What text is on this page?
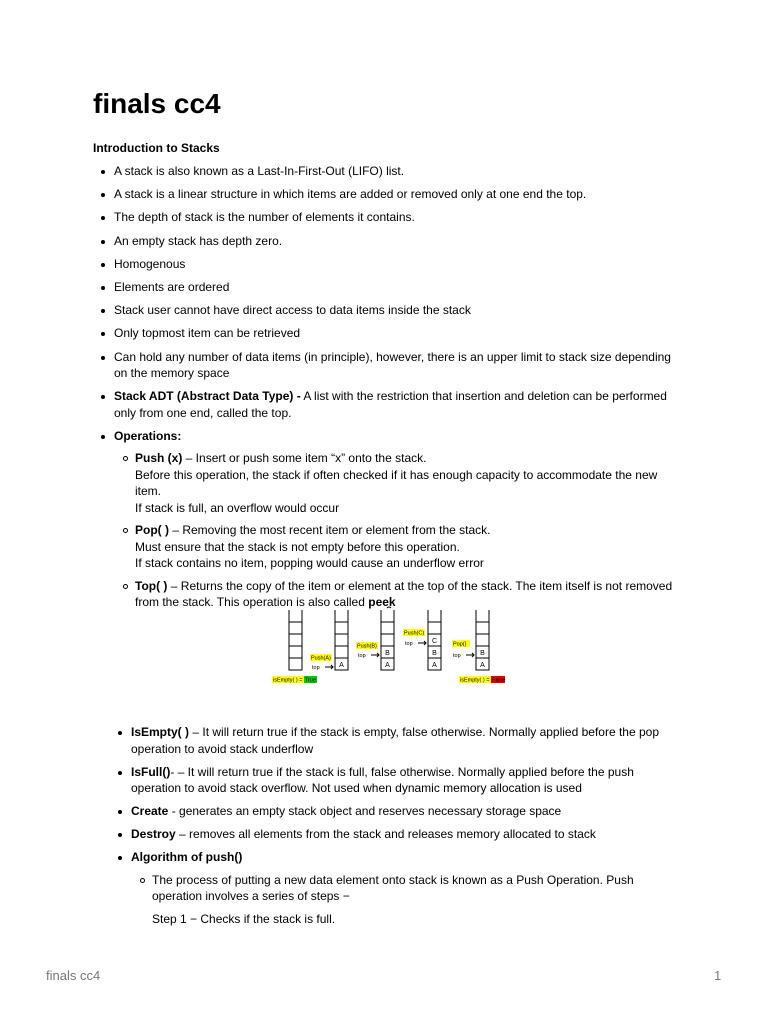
finals cc4

Introduction to Stacks

A stack is also known as a Last-In-First-Out (LIFO) list.
A stack is a linear structure in which items are added or removed only at one end the top.
The depth of stack is the number of elements it contains.
An empty stack has depth zero.
Homogenous
Elements are ordered
Stack user cannot have direct access to data items inside the stack
Only topmost item can be retrieved
Can hold any number of data items (in principle), however, there is an upper limit to stack size depending on the memory space
Stack ADT (Abstract Data Type) - A list with the restriction that insertion and deletion can be performed only from one end, called the top.
Operations:
Push (x) – Insert or push some item “x” onto the stack.
Before this operation, the stack if often checked if it has enough capacity to accommodate the new item.
If stack is full, an overflow would occur
Pop( ) – Removing the most recent item or element from the stack.
Must ensure that the stack is not empty before this operation.
If stack contains no item, popping would cause an underflow error
Top( ) – Returns the copy of the item or element at the top of the stack. The item itself is not removed from the stack. This operation is also called peek
A
B
A
C
B
A
B
A
Push(A)
top
Push(B)
top
Push(C)
top	Pop()
top
isEmpty( ) = True	isEmpty( ) = False
IsEmpty( ) – It will return true if the stack is empty, false otherwise. Normally applied before the pop operation to avoid stack underflow
IsFull()- – It will return true if the stack is full, false otherwise. Normally applied before the push operation to avoid stack overflow. Not used when dynamic memory allocation is used
Create - generates an empty stack object and reserves necessary storage space
Destroy – removes all elements from the stack and releases memory allocated to stack
Algorithm of push()
The process of putting a new data element onto stack is known as a Push Operation. Push operation involves a series of steps −
Step 1 − Checks if the stack is full.
finals cc4	1
